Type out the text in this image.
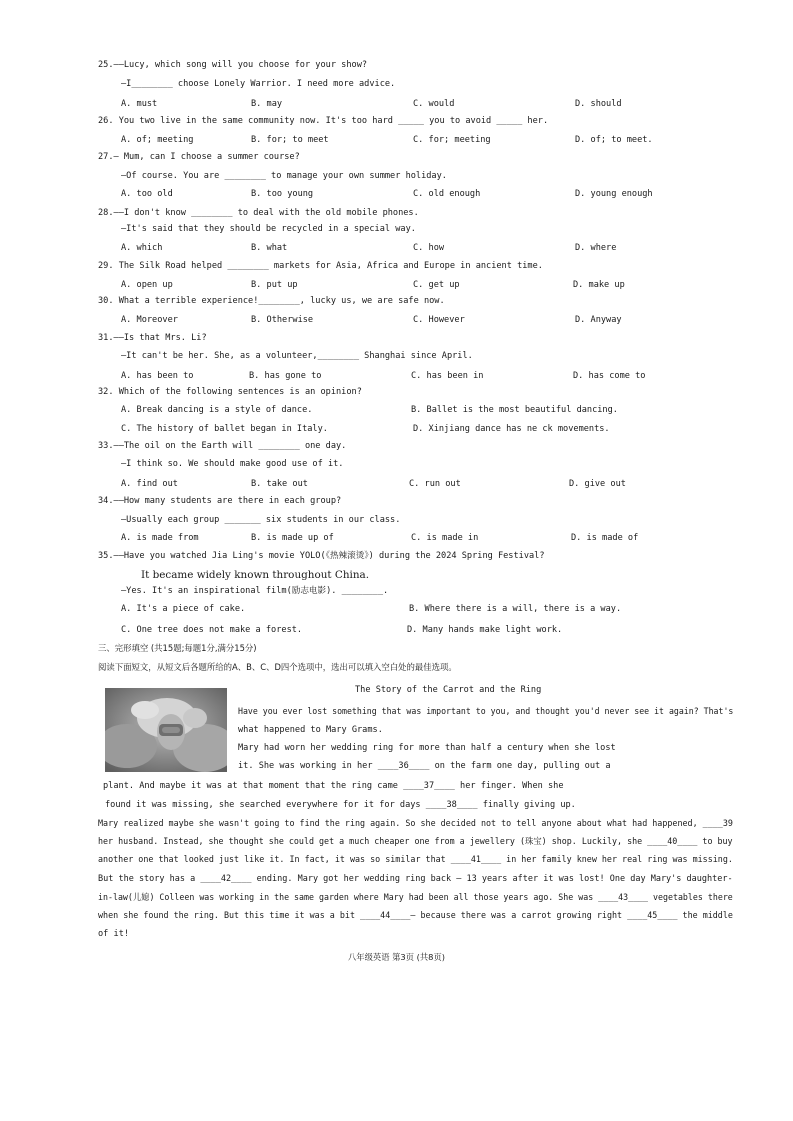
25.——Lucy, which song will you choose for your show?
—I________ choose Lonely Warrior. I need more advice.
A. must	B. may	C. would	D. should
26. You two live in the same community now. It's too hard _____ you to avoid _____ her.
A. of; meeting	B. for; to meet	C. for; meeting	D. of; to meet.
27.— Mum, can I choose a summer course?
—Of course. You are ________ to manage your own summer holiday.
A. too old	B. too young	C. old enough	D. young enough
28.——I don't know ________ to deal with the old mobile phones.
—It's said that they should be recycled in a special way.
A. which	B. what	C. how	D. where
29. The Silk Road helped ________ markets for Asia, Africa and Europe in ancient time.
A. open up	B. put up	C. get up	D. make up
30. What a terrible experience!________, lucky us, we are safe now.
A. Moreover	B. Otherwise	C. However	D. Anyway
31.——Is that Mrs. Li?
—It can't be her. She, as a volunteer,________ Shanghai since April.
A. has been to	B. has gone to	C. has been in	D. has come to
32. Which of the following sentences is an opinion?
A. Break dancing is a style of dance.	B. Ballet is the most beautiful dancing.
C. The history of ballet began in Italy.	D. Xinjiang dance has ne ck movements.
33.——The oil on the Earth will ________ one day.
—I think so. We should make good use of it.
A. find out	B. take out	C. run out	D. give out
34.——How many students are there in each group?
—Usually each group _______ six students in our class.
A. is made from	B. is made up of	C. is made in	D. is made of
35.——Have you watched Jia Ling's movie YOLO(《热辣滚烫》) during the 2024 Spring Festival?
It became widely known throughout China.
—Yes. It's an inspirational film(励志电影). ________.
A. It's a piece of cake.	B. Where there is a will, there is a way.
C. One tree does not make a forest.	D. Many hands make light work.
三、完形填空 (共15题;每题1分,满分15分)
阅读下面短文，从短文后各题所给的A、B、C、D四个选项中，选出可以填入空白处的最佳选项。
The Story of the Carrot and the Ring
Have you ever lost something that was important to you, and thought you'd never see it again? That's
what happened to Mary Grams.
Mary had worn her wedding ring for more than half a century when she lost
it. She was working in her ____36____ on the farm one day, pulling out a
plant. And maybe it was at that moment that the ring came ____37____ her finger. When she
found it was missing, she searched everywhere for it for days ____38____ finally giving up.
Mary realized maybe she wasn't going to find the ring again. So she decided not to tell anyone about what had happened, ____39
her husband. Instead, she thought she could get a much cheaper one from a jewellery (珠宝) shop. Luckily, she ____40____ to buy
another one that looked just like it. In fact, it was so similar that ____41____ in her family knew her real ring was missing.
But the story has a ____42____ ending. Mary got her wedding ring back — 13 years after it was lost! One day Mary's daughter-
in-law(儿媳) Colleen was working in the same garden where Mary had been all those years ago. She was ____43____ vegetables there
when she found the ring. But this time it was a bit ____44____— because there was a carrot growing right ____45____ the middle
of it!
八年级英语 第3页 (共8页)
